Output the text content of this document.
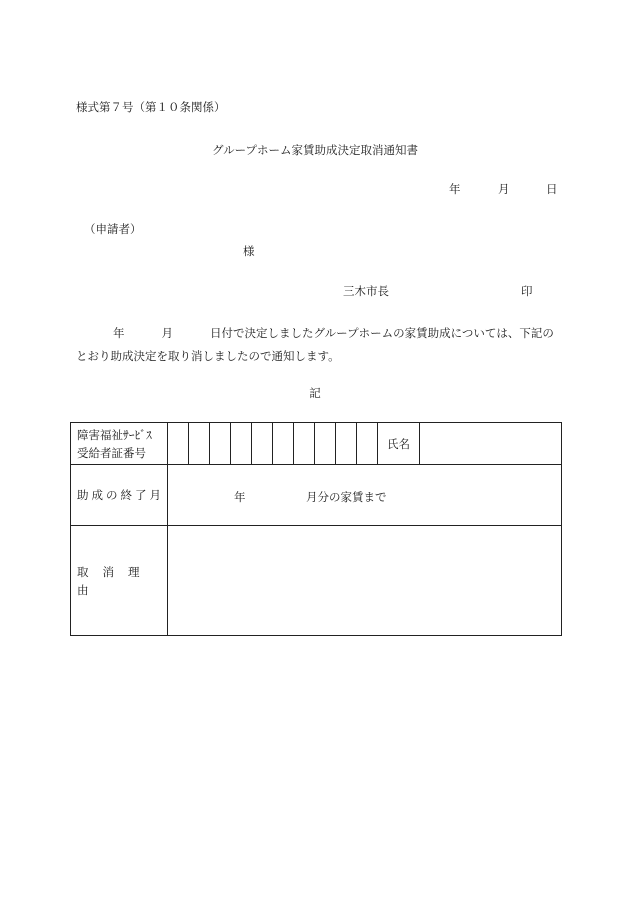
様式第７号（第１０条関係）
グループホーム家賃助成決定取消通知書
年	月	日
（申請者）
様
三木市長	印
年	月	日付で決定しましたグループホームの家賃助成については、下記のとおり助成決定を取り消しましたので通知します。
記
障害福祉ｻｰﾋﾞｽ
受給者証番号											氏名	
助成の終了月	年 月分の家賃まで											

取消理由												
